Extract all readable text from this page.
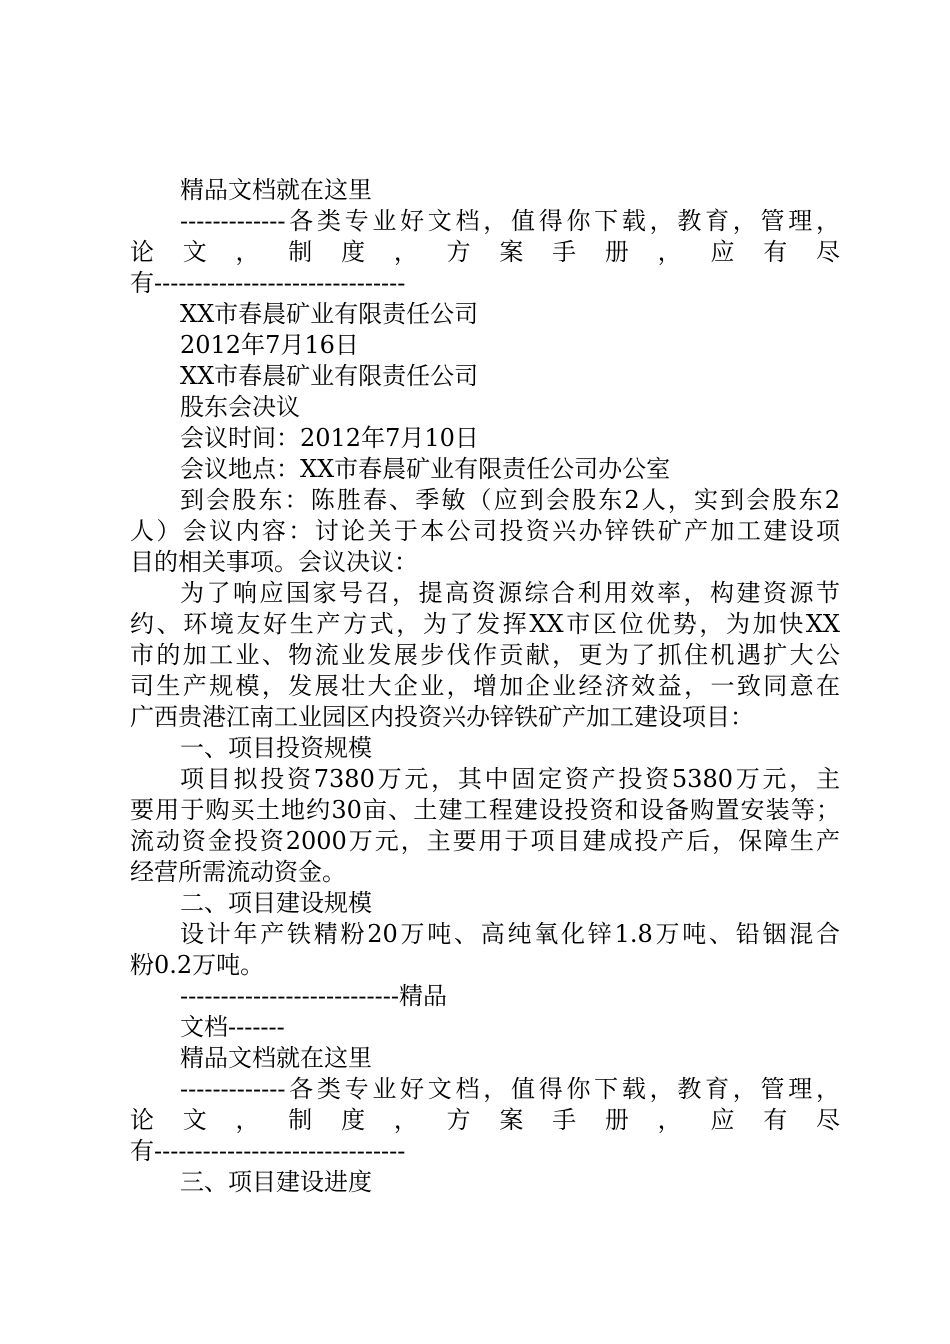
精品文档就在这里
-------------各类专业好文档，值得你下载，教育，管理，
论 文 ， 制 度 ， 方 案 手 册 ， 应 有 尽
有-------------------------------
XX市春晨矿业有限责任公司
2012年7月16日
XX市春晨矿业有限责任公司
股东会决议
会议时间：2012年7月10日
会议地点：XX市春晨矿业有限责任公司办公室
到会股东：陈胜春、季敏（应到会股东2人，实到会股东2
人）会议内容：讨论关于本公司投资兴办锌铁矿产加工建设项
目的相关事项。会议决议：
为了响应国家号召，提高资源综合利用效率，构建资源节
约、环境友好生产方式，为了发挥XX市区位优势，为加快XX
市的加工业、物流业发展步伐作贡献，更为了抓住机遇扩大公
司生产规模，发展壮大企业，增加企业经济效益，一致同意在
广西贵港江南工业园区内投资兴办锌铁矿产加工建设项目：
一、项目投资规模
项目拟投资7380万元，其中固定资产投资5380万元，主
要用于购买土地约30亩、土建工程建设投资和设备购置安装等；
流动资金投资2000万元，主要用于项目建成投产后，保障生产
经营所需流动资金。
二、项目建设规模
设计年产铁精粉20万吨、高纯氧化锌1.8万吨、铅铟混合
粉0.2万吨。
---------------------------精品
文档-------
精品文档就在这里
-------------各类专业好文档，值得你下载，教育，管理，
论 文 ， 制 度 ， 方 案 手 册 ， 应 有 尽
有-------------------------------
三、项目建设进度
